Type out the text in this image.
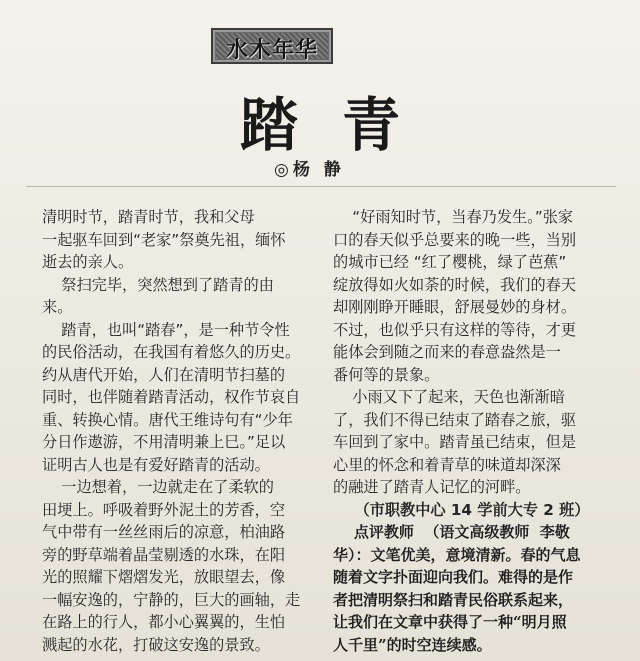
水木年华
踏青
◎杨 静

清明时节，踏青时节，我和父母

一起驱车回到“老家”祭奠先祖，缅怀

逝去的亲人。

祭扫完毕，突然想到了踏青的由

来。

踏青，也叫“踏春”，是一种节令性

的民俗活动，在我国有着悠久的历史。

约从唐代开始，人们在清明节扫墓的

同时，也伴随着踏青活动，权作节哀自

重、转换心情。唐代王维诗句有“少年

分日作遨游，不用清明兼上巳。”足以

证明古人也是有爱好踏青的活动。

一边想着，一边就走在了柔软的

田埂上。呼吸着野外泥土的芳香，空

气中带有一丝丝雨后的凉意，柏油路

旁的野草端着晶莹剔透的水珠，在阳

光的照耀下熠熠发光，放眼望去，像

一幅安逸的，宁静的，巨大的画轴，走

在路上的行人，都小心翼翼的，生怕

溅起的水花，打破这安逸的景致。

“好雨知时节，当春乃发生。”张家

口的春天似乎总要来的晚一些，当别

的城市已经 “红了樱桃，绿了芭蕉”

绽放得如火如荼的时候，我们的春天

却刚刚睁开睡眼，舒展曼妙的身材。

不过，也似乎只有这样的等待，才更

能体会到随之而来的春意盎然是一

番何等的景象。

小雨又下了起来，天色也渐渐暗

了，我们不得已结束了踏春之旅，驱

车回到了家中。踏青虽已结束，但是

心里的怀念和着青草的味道却深深

的融进了踏青人记忆的河畔。

（市职教中心 14 学前大专 2 班）

点评教师  （语文高级教师  李敬

华）：文笔优美，意境清新。春的气息

随着文字扑面迎向我们。难得的是作

者把清明祭扫和踏青民俗联系起来，

让我们在文章中获得了一种“明月照

人千里”的时空连续感。
